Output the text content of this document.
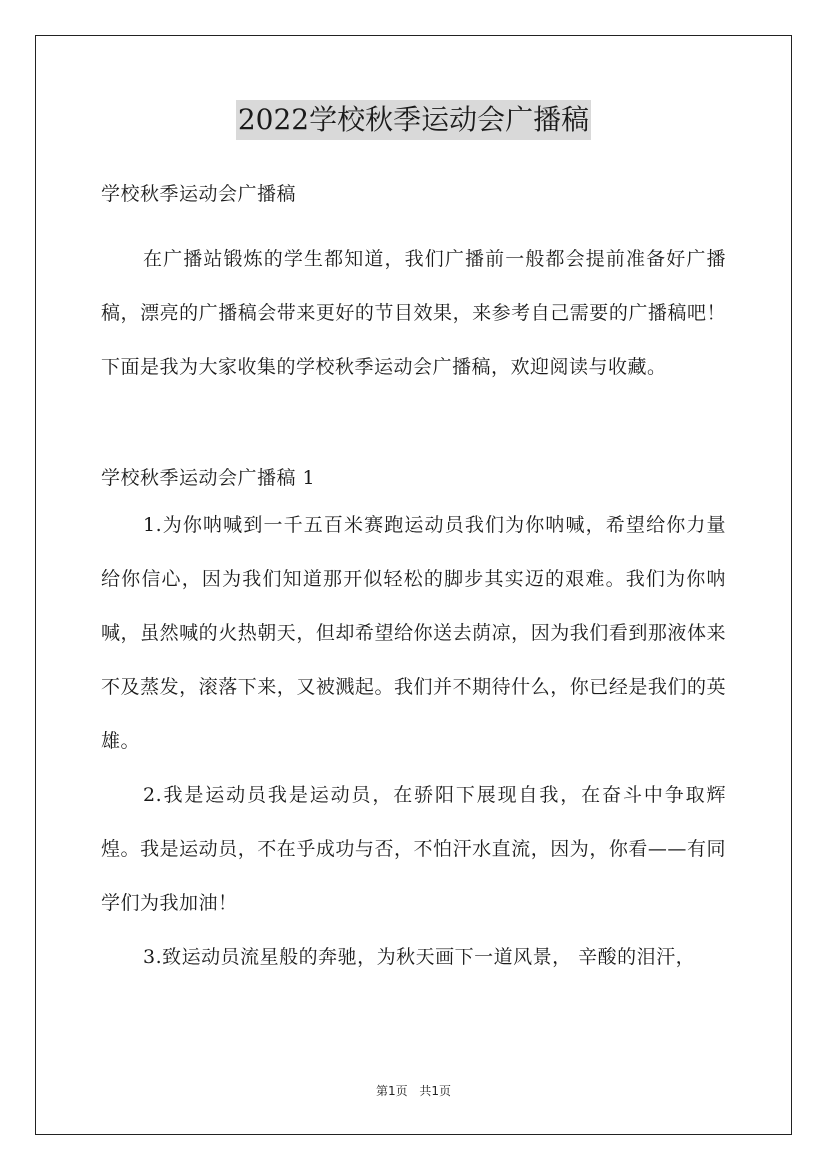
2022学校秋季运动会广播稿

学校秋季运动会广播稿

在广播站锻炼的学生都知道，我们广播前一般都会提前准备好广播稿，漂亮的广播稿会带来更好的节目效果，来参考自己需要的广播稿吧！下面是我为大家收集的学校秋季运动会广播稿，欢迎阅读与收藏。

学校秋季运动会广播稿 1

1.为你呐喊到一千五百米赛跑运动员我们为你呐喊，希望给你力量给你信心，因为我们知道那开似轻松的脚步其实迈的艰难。我们为你呐喊，虽然喊的火热朝天，但却希望给你送去荫凉，因为我们看到那液体来不及蒸发，滚落下来，又被溅起。我们并不期待什么，你已经是我们的英雄。

2.我是运动员我是运动员，在骄阳下展现自我，在奋斗中争取辉煌。我是运动员，不在乎成功与否，不怕汗水直流，因为，你看——有同学们为我加油！

3.致运动员流星般的奔驰，为秋天画下一道风景， 辛酸的泪汗，

第1页 共1页
